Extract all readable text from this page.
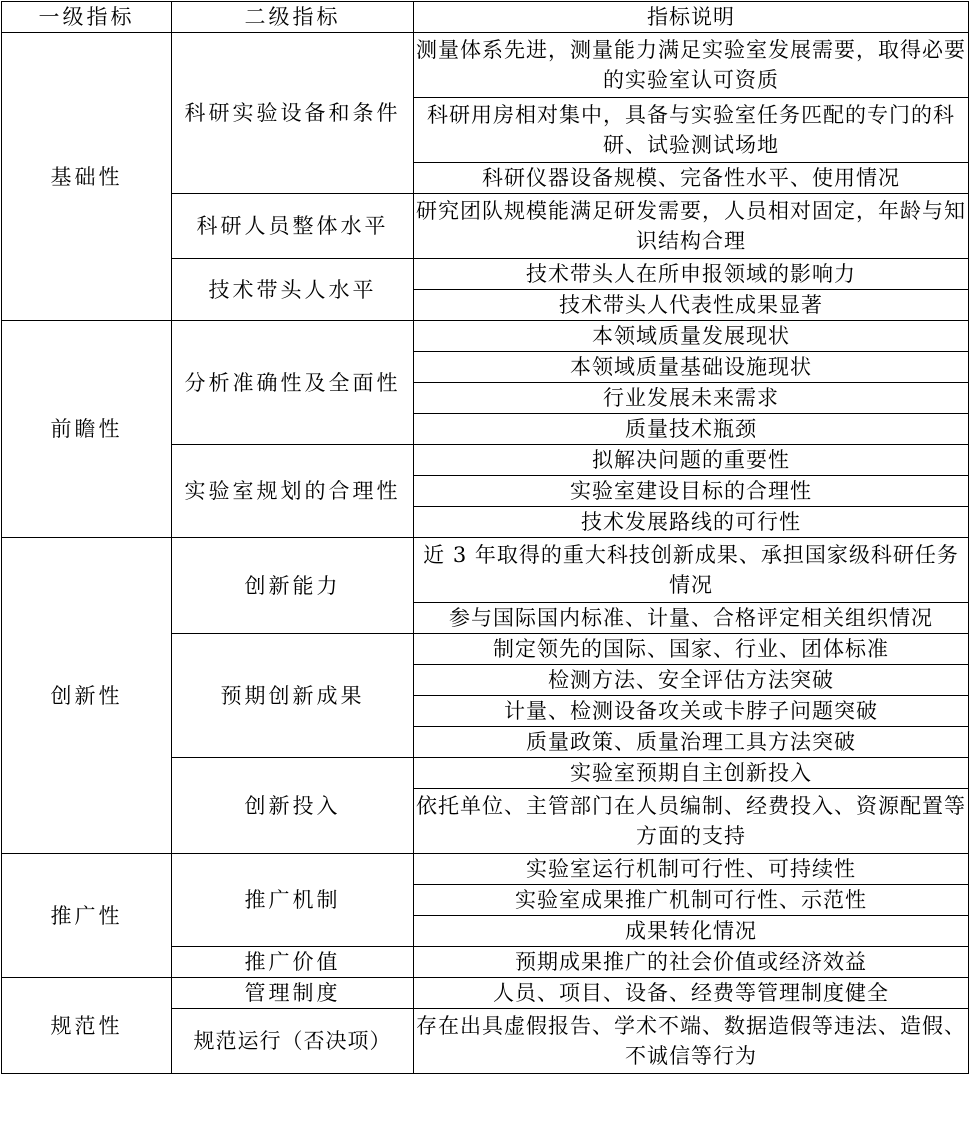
一级指标	二级指标	指标说明
基础性	科研实验设备和条件	测量体系先进，测量能力满足实验室发展需要，取得必要的实验室认可资质
		科研用房相对集中，具备与实验室任务匹配的专门的科研、试验测试场地
		科研仪器设备规模、完备性水平、使用情况
	科研人员整体水平	研究团队规模能满足研发需要，人员相对固定，年龄与知识结构合理
	技术带头人水平	技术带头人在所申报领域的影响力
		技术带头人代表性成果显著
前瞻性	分析准确性及全面性	本领域质量发展现状
		本领域质量基础设施现状
		行业发展未来需求
		质量技术瓶颈
	实验室规划的合理性	拟解决问题的重要性
		实验室建设目标的合理性
		技术发展路线的可行性
创新性	创新能力	近 3 年取得的重大科技创新成果、承担国家级科研任务情况
		参与国际国内标准、计量、合格评定相关组织情况
	预期创新成果	制定领先的国际、国家、行业、团体标准
		检测方法、安全评估方法突破
		计量、检测设备攻关或卡脖子问题突破
		质量政策、质量治理工具方法突破
	创新投入	实验室预期自主创新投入
		依托单位、主管部门在人员编制、经费投入、资源配置等方面的支持
推广性	推广机制	实验室运行机制可行性、可持续性
		实验室成果推广机制可行性、示范性
		成果转化情况
	推广价值	预期成果推广的社会价值或经济效益
规范性	管理制度	人员、项目、设备、经费等管理制度健全
	规范运行（否决项）	存在出具虚假报告、学术不端、数据造假等违法、造假、不诚信等行为
